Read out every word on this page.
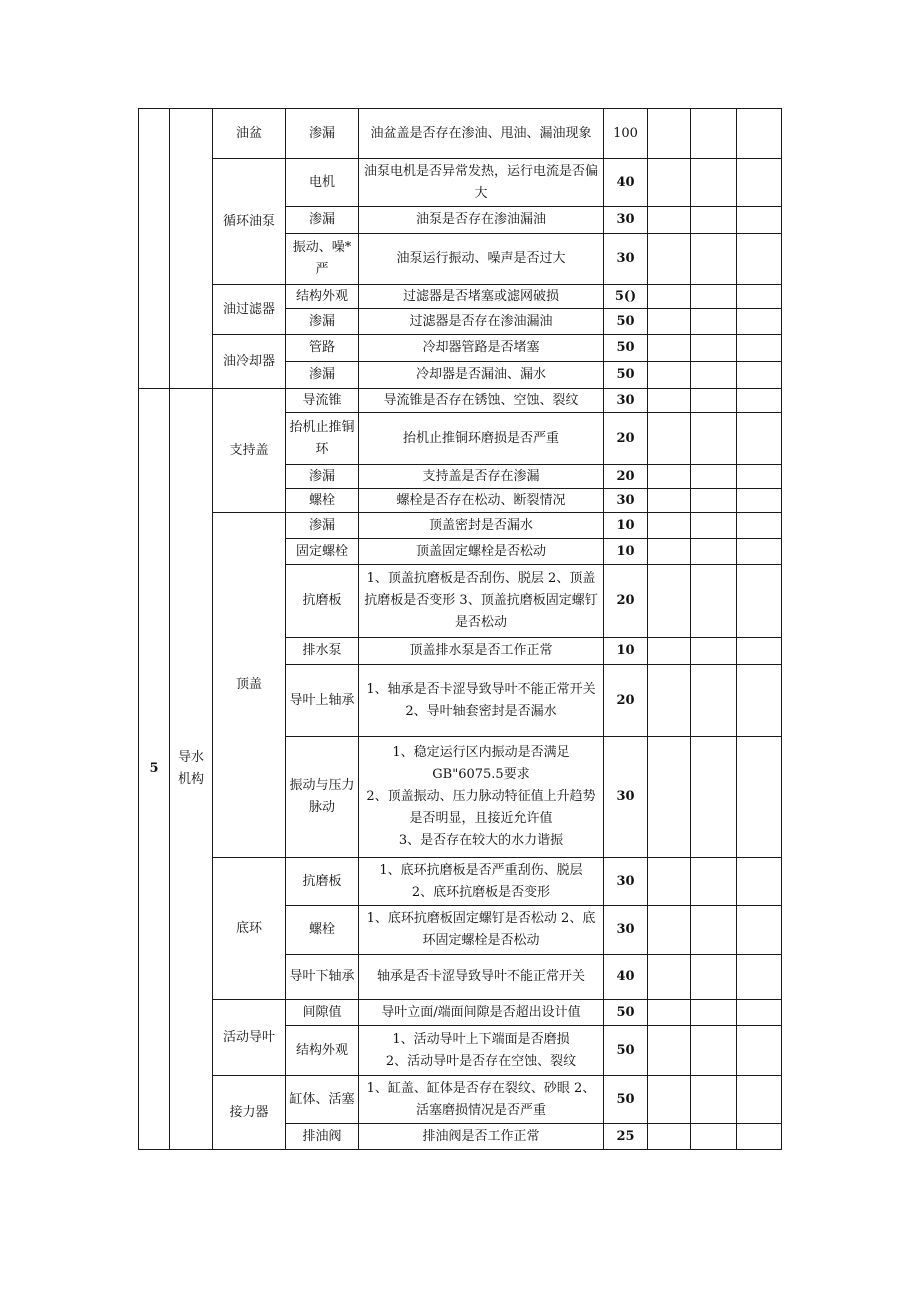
		油盆	渗漏	油盆盖是否存在渗油、甩油、漏油现象	100			
		循环油泵	电机	油泵电机是否异常发热，运行电流是否偏大	40			
			渗漏	油泵是否存在渗油漏油	30			
			振动、噪*严	油泵运行振动、噪声是否过大	30			
		油过滤器	结构外观	过滤器是否堵塞或滤网破损	5()			
			渗漏	过滤器是否存在渗油漏油	50			
		油冷却器	管路	冷却器管路是否堵塞	50			
			渗漏	冷却器是否漏油、漏水	50			
5	导水机构	支持盖	导流锥	导流锥是否存在锈蚀、空蚀、裂纹	30			
			抬机止推铜环	抬机止推铜环磨损是否严重	20			
			渗漏	支持盖是否存在渗漏	20			
			螺栓	螺栓是否存在松动、断裂情况	30			
		顶盖	渗漏	顶盖密封是否漏水	10			
			固定螺栓	顶盖固定螺栓是否松动	10			
			抗磨板	1、顶盖抗磨板是否刮伤、脱层 2、顶盖抗磨板是否变形 3、顶盖抗磨板固定螺钉是否松动	20			
			排水泵	顶盖排水泵是否工作正常	10			
			导叶上轴承	1、轴承是否卡涩导致导叶不能正常开关
2、导叶轴套密封是否漏水	20			
			振动与压力脉动	1、稳定运行区内振动是否满足GB"6075.5要求
2、顶盖振动、压力脉动特征值上升趋势是否明显，且接近允许值
3、是否存在较大的水力谐振	30			
		底环	抗磨板	1、底环抗磨板是否严重刮伤、脱层
2、底环抗磨板是否变形	30			
			螺栓	1、底环抗磨板固定螺钉是否松动 2、底环固定螺栓是否松动	30			
			导叶下轴承	轴承是否卡涩导致导叶不能正常开关	40			
		活动导叶	间隙值	导叶立面/端面间隙是否超出设计值	50			
			结构外观	1、活动导叶上下端面是否磨损
2、活动导叶是否存在空蚀、裂纹	50			
		接力器	缸体、活塞	1、缸盖、缸体是否存在裂纹、砂眼 2、活塞磨损情况是否严重	50			
			排油阀	排油阀是否工作正常	25			
